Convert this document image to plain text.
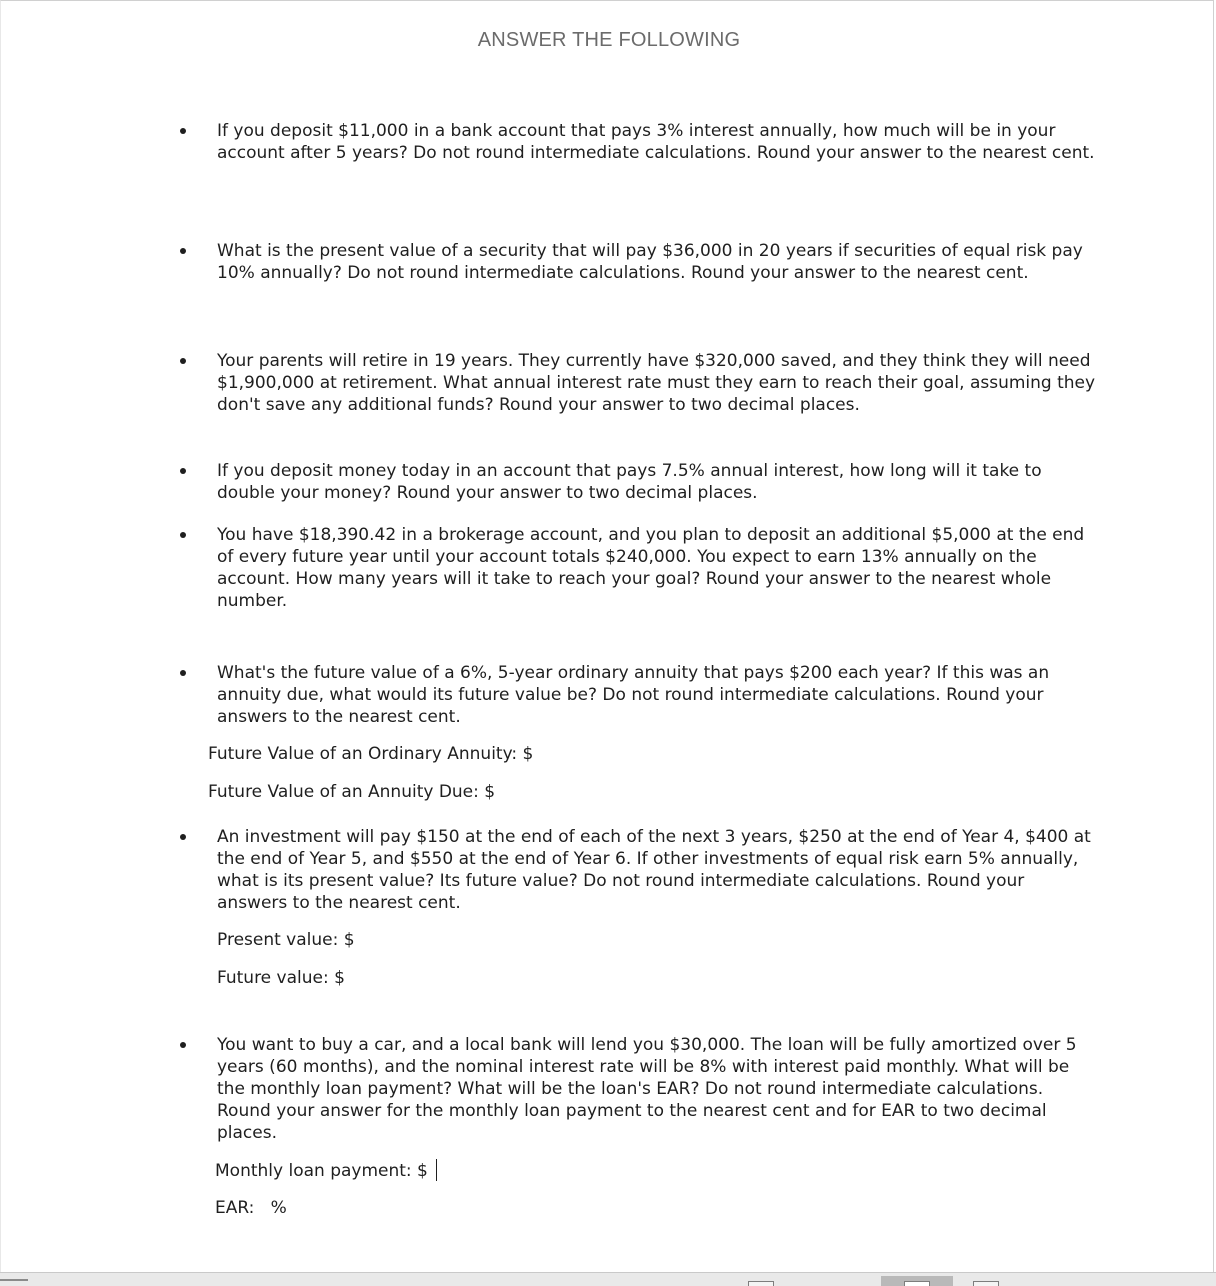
ANSWER THE FOLLOWING
If you deposit $11,000 in a bank account that pays 3% interest annually, how much will be in your account after 5 years? Do not round intermediate calculations. Round your answer to the nearest cent.
What is the present value of a security that will pay $36,000 in 20 years if securities of equal risk pay 10% annually? Do not round intermediate calculations. Round your answer to the nearest cent.
Your parents will retire in 19 years. They currently have $320,000 saved, and they think they will need $1,900,000 at retirement. What annual interest rate must they earn to reach their goal, assuming they don't save any additional funds? Round your answer to two decimal places.
If you deposit money today in an account that pays 7.5% annual interest, how long will it take to double your money? Round your answer to two decimal places.
You have $18,390.42 in a brokerage account, and you plan to deposit an additional $5,000 at the end of every future year until your account totals $240,000. You expect to earn 13% annually on the account. How many years will it take to reach your goal? Round your answer to the nearest whole number.
What's the future value of a 6%, 5-year ordinary annuity that pays $200 each year? If this was an annuity due, what would its future value be? Do not round intermediate calculations. Round your answers to the nearest cent.
Future Value of an Ordinary Annuity: $
Future Value of an Annuity Due: $
An investment will pay $150 at the end of each of the next 3 years, $250 at the end of Year 4, $400 at the end of Year 5, and $550 at the end of Year 6. If other investments of equal risk earn 5% annually, what is its present value? Its future value? Do not round intermediate calculations. Round your answers to the nearest cent.
Present value: $
Future value: $
You want to buy a car, and a local bank will lend you $30,000. The loan will be fully amortized over 5 years (60 months), and the nominal interest rate will be 8% with interest paid monthly. What will be the monthly loan payment? What will be the loan's EAR? Do not round intermediate calculations. Round your answer for the monthly loan payment to the nearest cent and for EAR to two decimal places.
Monthly loan payment: $
EAR:   %
